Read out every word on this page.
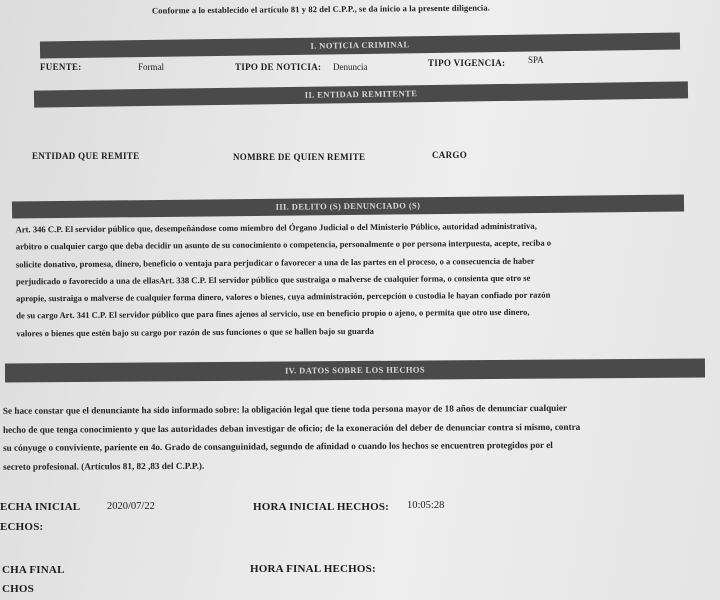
Conforme a lo establecido el artículo 81 y 82 del C.P.P., se da inicio a la presente diligencia.
I. NOTICIA CRIMINAL
FUENTE:	Formal	TIPO DE NOTICIA: Denuncia	TIPO VIGENCIA:	SPA
II. ENTIDAD REMITENTE
ENTIDAD QUE REMITE	NOMBRE DE QUIEN REMITE	CARGO
III. DELITO (S) DENUNCIADO (S)
Art. 346 C.P. El servidor público que, desempeñándose como miembro del Órgano Judicial o del Ministerio Público, autoridad administrativa,
arbitro o cualquier cargo que deba decidir un asunto de su conocimiento o competencia, personalmente o por persona interpuesta, acepte, reciba o
solicite donativo, promesa, dinero, beneficio o ventaja para perjudicar o favorecer a una de las partes en el proceso, o a consecuencia de haber
perjudicado o favorecido a una de ellasArt. 338 C.P. El servidor público que sustraiga o malverse de cualquier forma, o consienta que otro se
apropie, sustraiga o malverse de cualquier forma dinero, valores o bienes, cuya administración, percepción o custodia le hayan confiado por razón
de su cargo Art. 341 C.P. El servidor público que para fines ajenos al servicio, use en beneficio propio o ajeno, o permita que otro use dinero,
valores o bienes que estén bajo su cargo por razón de sus funciones o que se hallen bajo su guarda
IV. DATOS SOBRE LOS HECHOS
Se hace constar que el denunciante ha sido informado sobre: la obligación legal que tiene toda persona mayor de 18 años de denunciar cualquier
hecho de que tenga conocimiento y que las autoridades deban investigar de oficio; de la exoneración del deber de denunciar contra sí mismo, contra
su cónyuge o conviviente, pariente en 4o. Grado de consanguinidad, segundo de afinidad o cuando los hechos se encuentren protegidos por el
secreto profesional. (Artículos 81, 82 ,83 del C.P.P.).
ECHA INICIAL	2020/07/22	HORA INICIAL HECHOS: 10:05:28
ECHOS:
CHA FINAL	HORA FINAL HECHOS:
CHOS
